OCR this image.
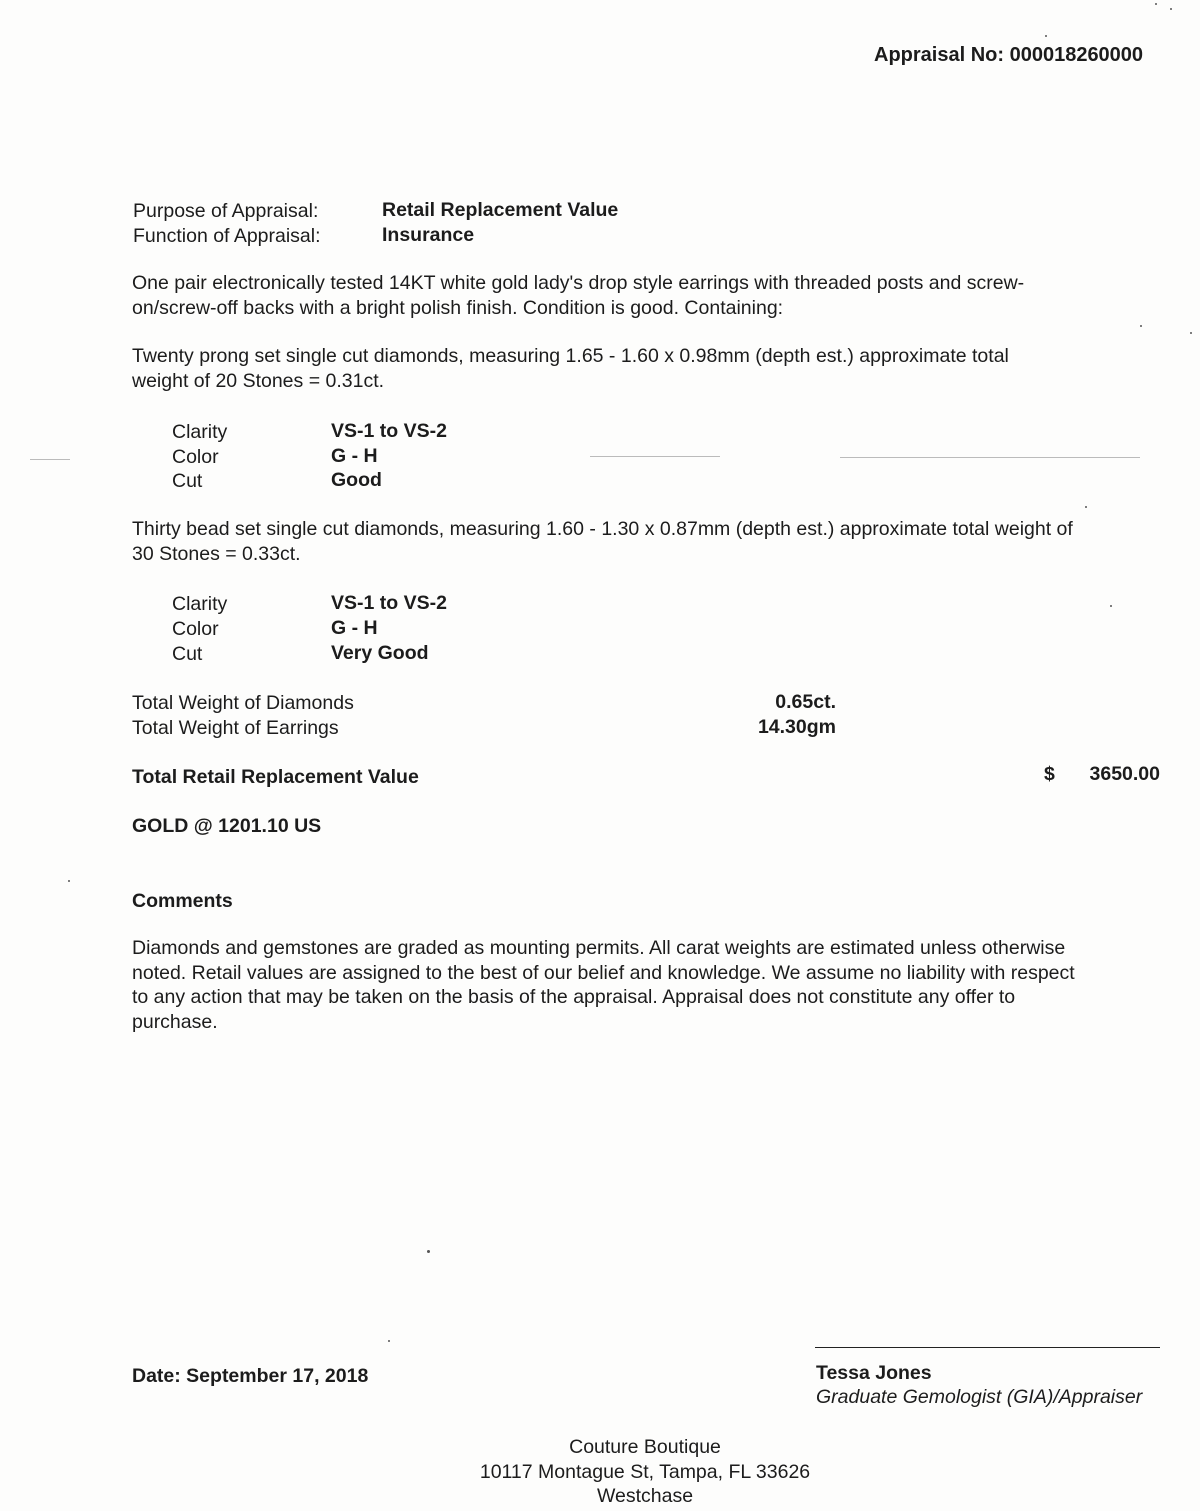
Appraisal No: 000018260000
Purpose of Appraisal:	Retail Replacement Value
Function of Appraisal:	Insurance
One pair electronically tested 14KT white gold lady's drop style earrings with threaded posts and screw-on/screw-off backs with a bright polish finish. Condition is good. Containing:
Twenty prong set single cut diamonds, measuring 1.65 - 1.60 x 0.98mm (depth est.) approximate total weight of 20 Stones = 0.31ct.
Clarity	VS-1 to VS-2
Color	G - H
Cut	Good
Thirty bead set single cut diamonds, measuring 1.60 - 1.30 x 0.87mm (depth est.) approximate total weight of 30 Stones = 0.33ct.
Clarity	VS-1 to VS-2
Color	G - H
Cut	Very Good
Total Weight of Diamonds	0.65ct.
Total Weight of Earrings	14.30gm
Total Retail Replacement Value	$	3650.00
GOLD @ 1201.10 US
Comments
Diamonds and gemstones are graded as mounting permits. All carat weights are estimated unless otherwise noted. Retail values are assigned to the best of our belief and knowledge. We assume no liability with respect to any action that may be taken on the basis of the appraisal. Appraisal does not constitute any offer to purchase.
Date: September 17, 2018	Tessa Jones
Graduate Gemologist (GIA)/Appraiser
Couture Boutique
10117 Montague St, Tampa, FL 33626
Westchase
